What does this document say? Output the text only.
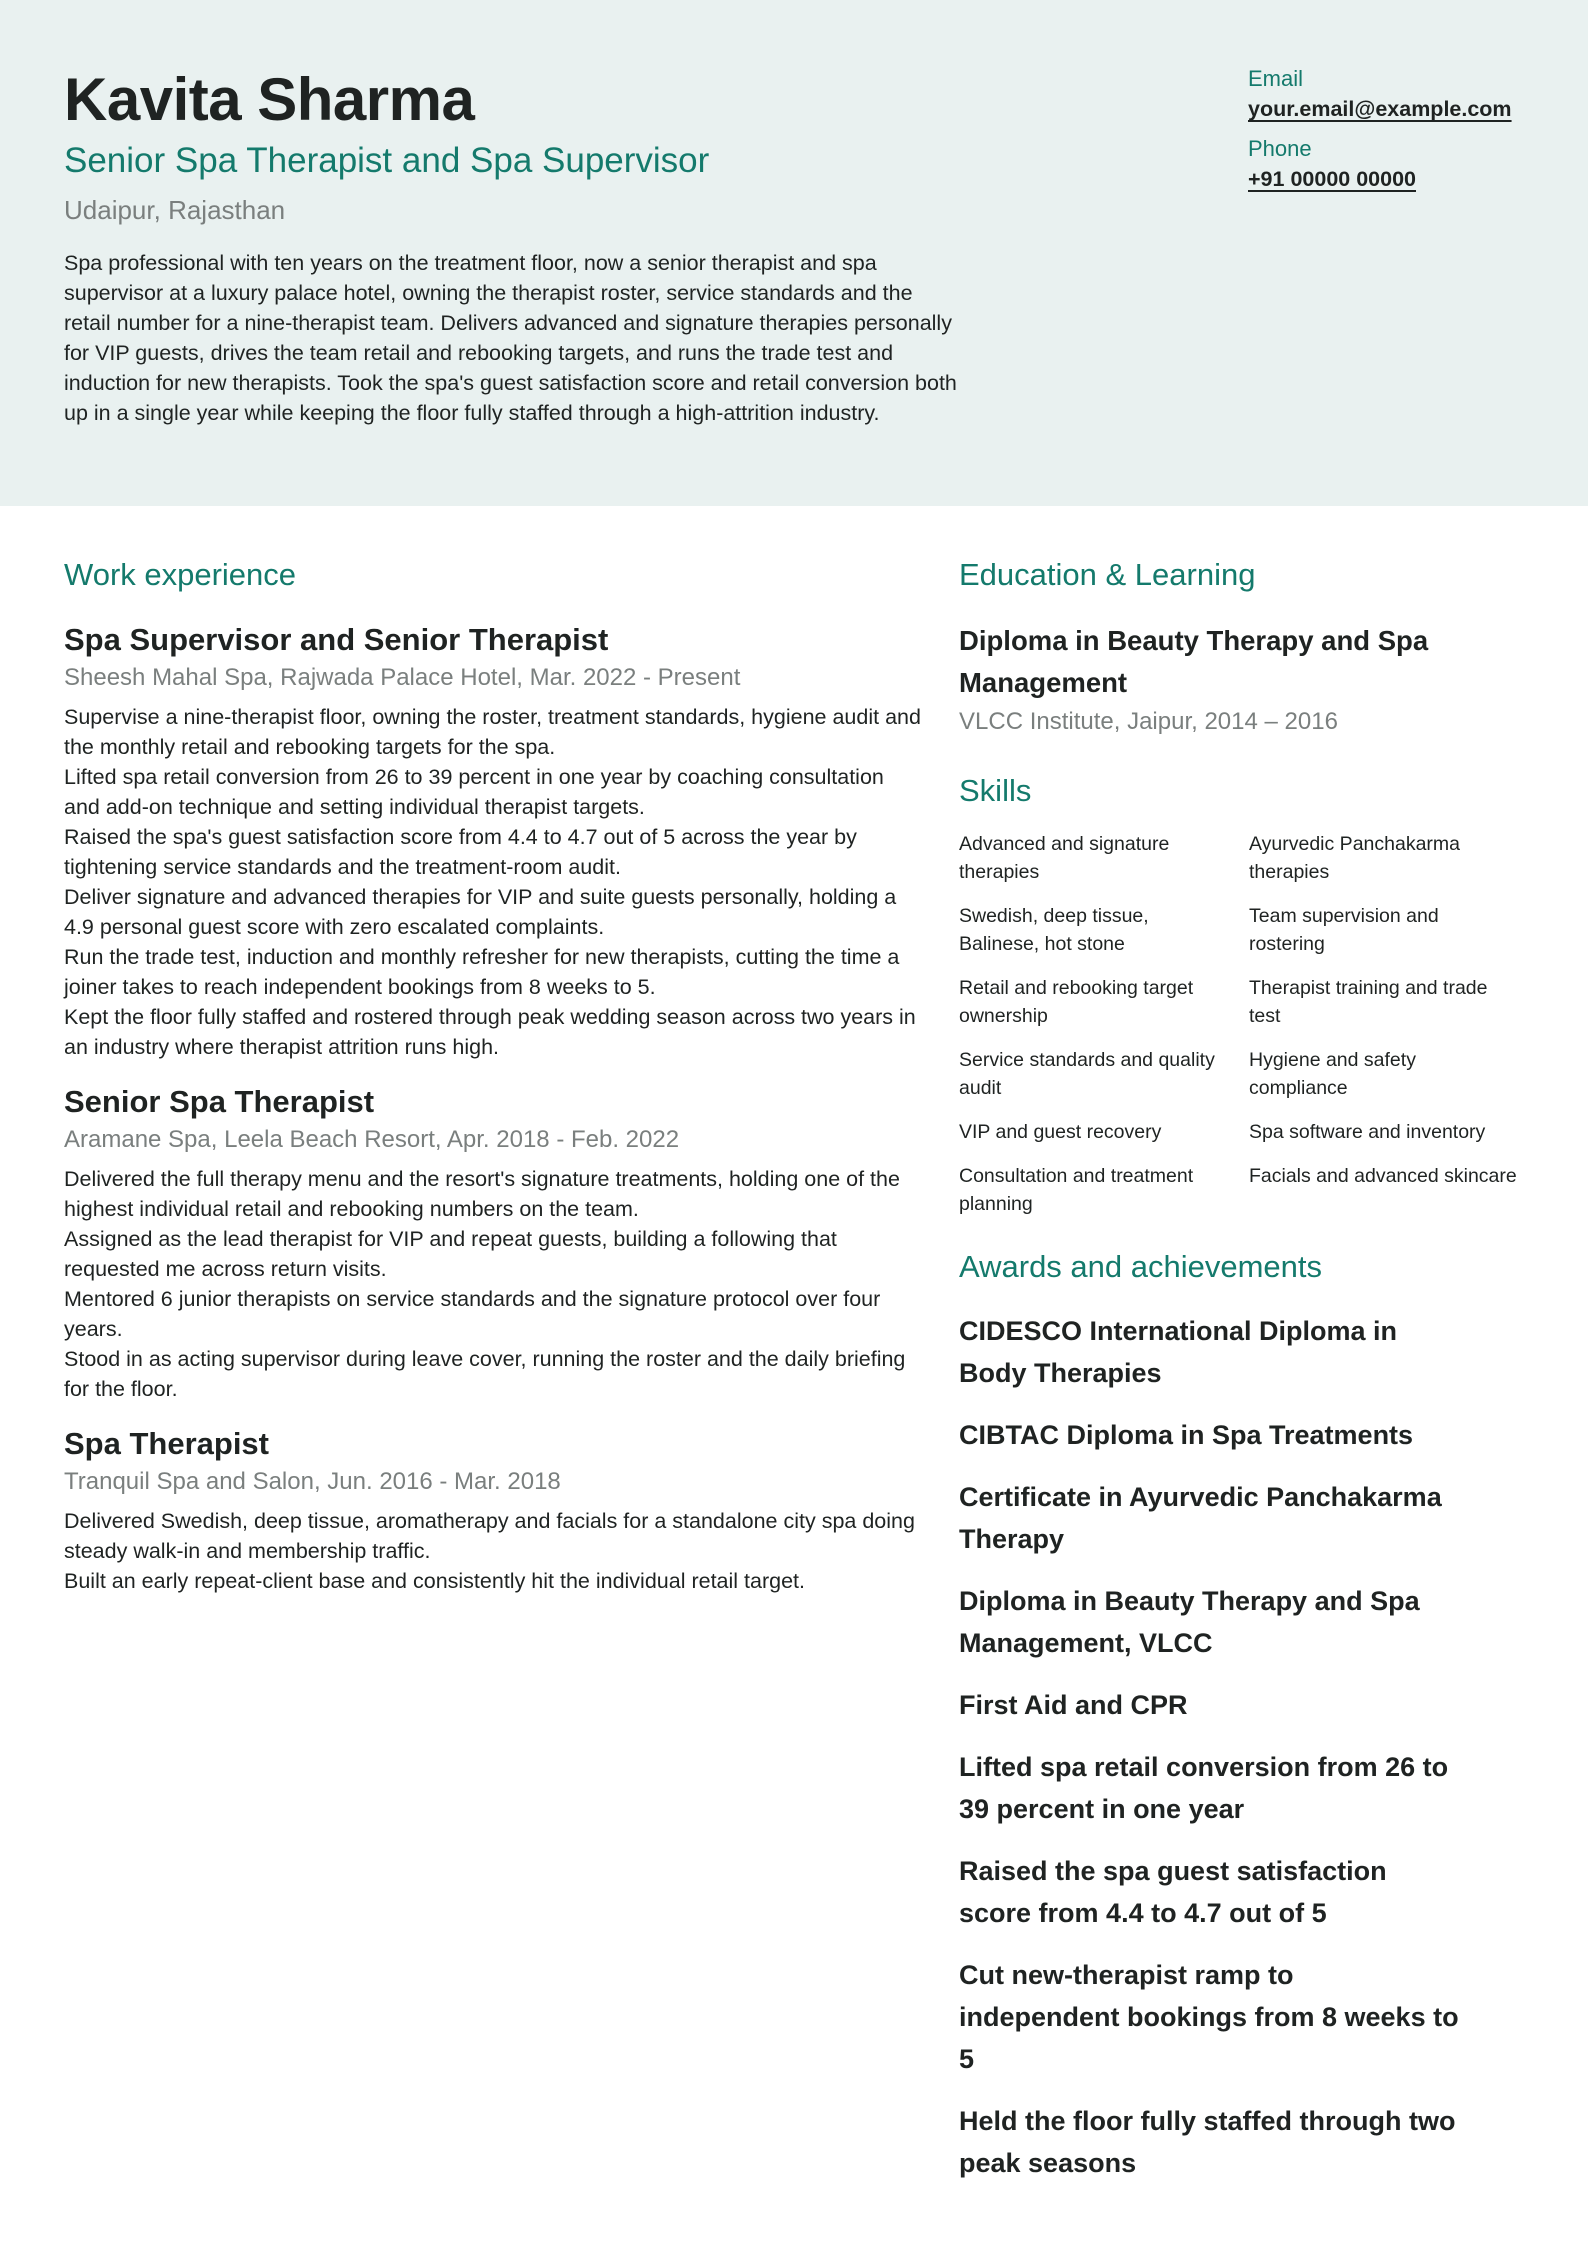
Kavita Sharma
Senior Spa Therapist and Spa Supervisor
Udaipur, Rajasthan
Spa professional with ten years on the treatment floor, now a senior therapist and spa supervisor at a luxury palace hotel, owning the therapist roster, service standards and the retail number for a nine-therapist team. Delivers advanced and signature therapies personally for VIP guests, drives the team retail and rebooking targets, and runs the trade test and induction for new therapists. Took the spa's guest satisfaction score and retail conversion both up in a single year while keeping the floor fully staffed through a high-attrition industry.
Email
your.email@example.com
Phone
+91 00000 00000
Work experience
Spa Supervisor and Senior Therapist
Sheesh Mahal Spa, Rajwada Palace Hotel, Mar. 2022 - Present
Supervise a nine-therapist floor, owning the roster, treatment standards, hygiene audit and the monthly retail and rebooking targets for the spa.
Lifted spa retail conversion from 26 to 39 percent in one year by coaching consultation and add-on technique and setting individual therapist targets.
Raised the spa's guest satisfaction score from 4.4 to 4.7 out of 5 across the year by tightening service standards and the treatment-room audit.
Deliver signature and advanced therapies for VIP and suite guests personally, holding a 4.9 personal guest score with zero escalated complaints.
Run the trade test, induction and monthly refresher for new therapists, cutting the time a joiner takes to reach independent bookings from 8 weeks to 5.
Kept the floor fully staffed and rostered through peak wedding season across two years in an industry where therapist attrition runs high.
Senior Spa Therapist
Aramane Spa, Leela Beach Resort, Apr. 2018 - Feb. 2022
Delivered the full therapy menu and the resort's signature treatments, holding one of the highest individual retail and rebooking numbers on the team.
Assigned as the lead therapist for VIP and repeat guests, building a following that requested me across return visits.
Mentored 6 junior therapists on service standards and the signature protocol over four years.
Stood in as acting supervisor during leave cover, running the roster and the daily briefing for the floor.
Spa Therapist
Tranquil Spa and Salon, Jun. 2016 - Mar. 2018
Delivered Swedish, deep tissue, aromatherapy and facials for a standalone city spa doing steady walk-in and membership traffic.
Built an early repeat-client base and consistently hit the individual retail target.
Education & Learning
Diploma in Beauty Therapy and Spa Management
VLCC Institute, Jaipur, 2014 – 2016
Skills
Advanced and signature therapies
Ayurvedic Panchakarma therapies
Swedish, deep tissue, Balinese, hot stone
Team supervision and rostering
Retail and rebooking target ownership
Therapist training and trade test
Service standards and quality audit
Hygiene and safety compliance
VIP and guest recovery	Spa software and inventory
Consultation and treatment planning
Facials and advanced skincare
Awards and achievements
CIDESCO International Diploma in Body Therapies
CIBTAC Diploma in Spa Treatments
Certificate in Ayurvedic Panchakarma Therapy
Diploma in Beauty Therapy and Spa Management, VLCC
First Aid and CPR
Lifted spa retail conversion from 26 to 39 percent in one year
Raised the spa guest satisfaction score from 4.4 to 4.7 out of 5
Cut new-therapist ramp to independent bookings from 8 weeks to 5
Held the floor fully staffed through two peak seasons
